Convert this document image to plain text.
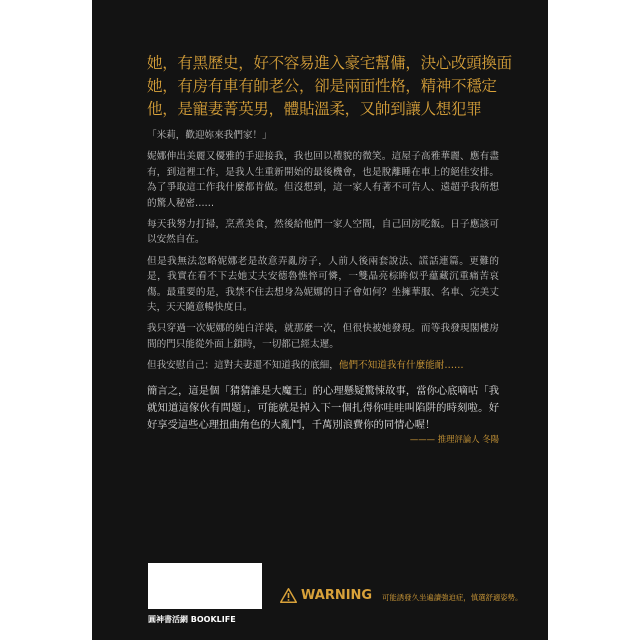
她，有黑歷史，好不容易進入豪宅幫傭，決心改頭換面
她，有房有車有帥老公，卻是兩面性格，精神不穩定
他，是寵妻菁英男，體貼溫柔，又帥到讓人想犯罪

「米莉，歡迎妳來我們家！」

妮娜伸出美麗又優雅的手迎接我，我也回以禮貌的微笑。這屋子高雅華麗、應有盡有，到這裡工作，是我人生重新開始的最後機會，也是脫離睡在車上的絕佳安排。為了爭取這工作我什麼都肯做。但沒想到，這一家人有著不可告人、遠超乎我所想的驚人秘密……

每天我努力打掃，烹煮美食，然後給他們一家人空間，自己回房吃飯。日子應該可以安然自在。

但是我無法忽略妮娜老是故意弄亂房子，人前人後兩套說法、謊話連篇。更難的是，我實在看不下去她丈夫安德魯憔悴可憐，一雙晶亮棕眸似乎蘊藏沉重痛苦哀傷。最重要的是，我禁不住去想身為妮娜的日子會如何？坐擁華服、名車、完美丈夫，天天隨意暢快度日。

我只穿過一次妮娜的純白洋裝，就那麼一次，但很快被她發現。而等我發現閣樓房間的門只能從外面上鎖時，一切都已經太遲。

但我安慰自己：這對夫妻還不知道我的底細，他們不知道我有什麼能耐……

簡言之，這是個「猜猜誰是大魔王」的心理懸疑驚悚故事，當你心底嘀咕「我就知道這傢伙有問題」，可能就是掉入下一個扎得你哇哇叫陷阱的時刻啦。好好享受這些心理扭曲角色的大亂鬥，千萬別浪費你的同情心喔！
——— 推理評論人 冬陽
圓神書活網 BOOKLIFE
WARNING 可能誘發久坐遍讀強迫症，慎選舒適姿勢。
